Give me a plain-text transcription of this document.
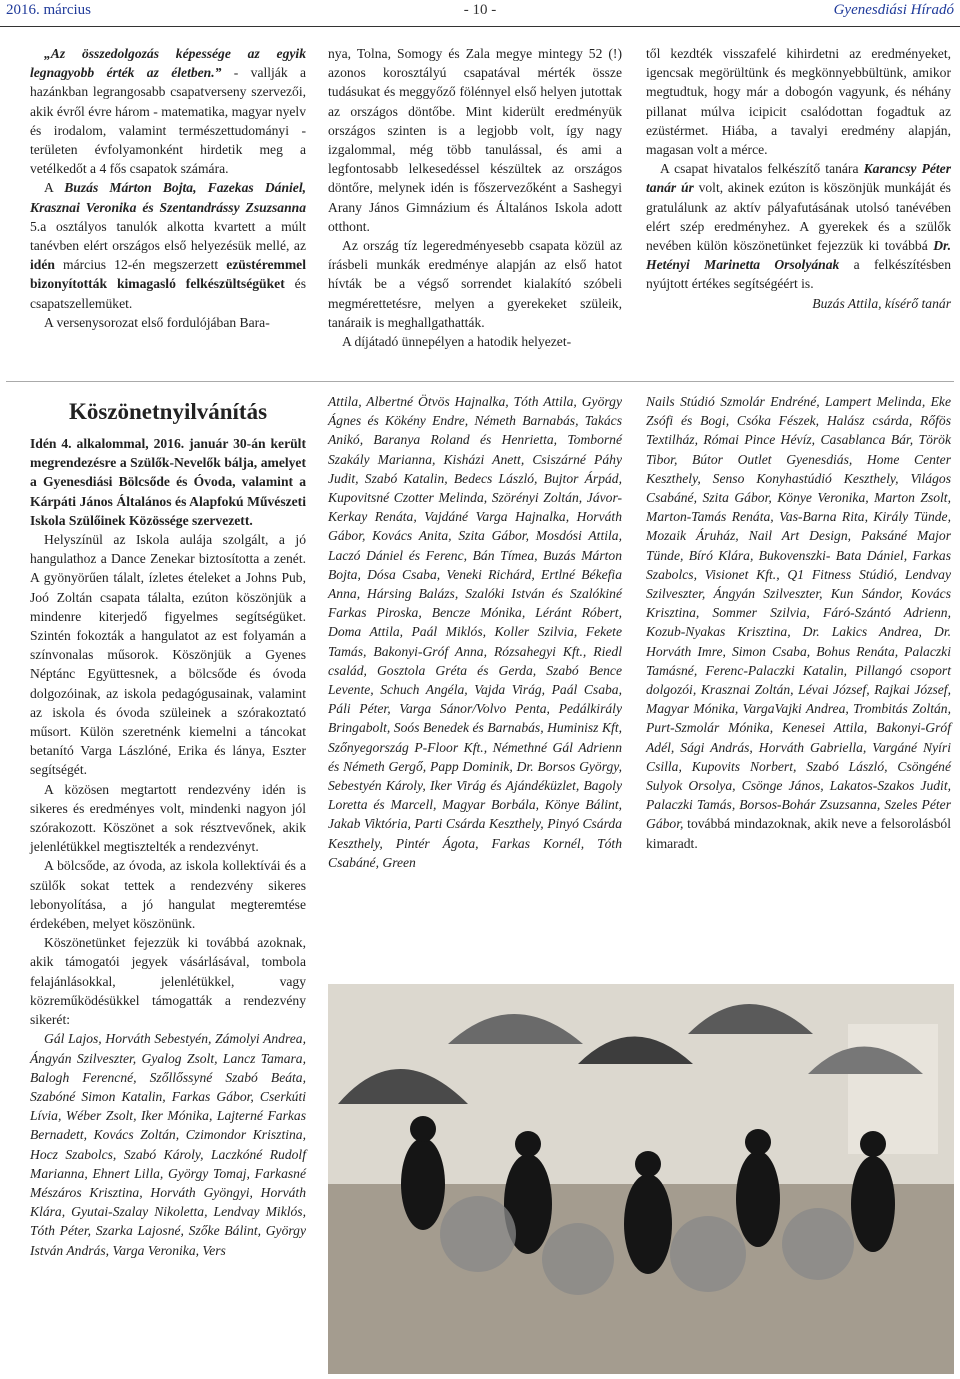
2016. március	- 10 -	Gyenesdiási Híradó

„Az összedolgozás képessége az egyik legnagyobb érték az életben.” - vallják a hazánkban legrangosabb csapatverseny szervezői, akik évről évre három - matematika, magyar nyelv és irodalom, valamint természettudományi - területen évfolyamonként hirdetik meg a vetélkedőt a 4 fős csapatok számára.

A Buzás Márton Bojta, Fazekas Dániel, Krasznai Veronika és Szentandrássy Zsuzsanna 5.a osztályos tanulók alkotta kvartett a múlt tanévben elért országos első helyezésük mellé, az idén március 12-én megszerzett ezüstéremmel bizonyították kimagasló felkészültségüket és csapatszellemüket.

A versenysorozat első fordulójában Bara-

nya, Tolna, Somogy és Zala megye mintegy 52 (!) azonos korosztályú csapatával mérték össze tudásukat és meggyőző fölénnyel első helyen jutottak az országos döntőbe. Mint kiderült eredményük országos szinten is a legjobb volt, így nagy izgalommal, még több tanulással, és ami a legfontosabb lelkesedéssel készültek az országos döntőre, melynek idén is főszervezőként a Sashegyi Arany János Gimnázium és Általános Iskola adott otthont.

Az ország tíz legeredményesebb csapata közül az írásbeli munkák eredménye alapján az első hatot hívták be a végső sorrendet kialakító szóbeli megmérettetésre, melyen a gyerekeket szüleik, tanáraik is meghallgathatták.

A díjátadó ünnepélyen a hatodik helyezet-

től kezdték visszafelé kihirdetni az eredményeket, igencsak megörültünk és megkönnyebbültünk, amikor megtudtuk, hogy már a dobogón vagyunk, és néhány pillanat múlva icipicit csalódottan fogadtuk az ezüstérmet. Hiába, a tavalyi eredmény alapján, magasan volt a mérce.

A csapat hivatalos felkészítő tanára Karancsy Péter tanár úr volt, akinek ezúton is köszönjük munkáját és gratulálunk az aktív pályafutásának utolsó tanévében elért szép eredményhez. A gyerekek és a szülők nevében külön köszönetünket fejezzük ki továbbá Dr. Hetényi Marinetta Orsolyának a felkészítésben nyújtott értékes segítségéért is.

Buzás Attila, kísérő tanár

Köszönetnyilvánítás

Idén 4. alkalommal, 2016. január 30-án került megrendezésre a Szülők-Nevelők bálja, amelyet a Gyenesdiási Bölcsőde és Óvoda, valamint a Kárpáti János Általános és Alapfokú Művészeti Iskola Szülőinek Közössége szervezett.

Helyszínül az Iskola aulája szolgált, a jó hangulathoz a Dance Zenekar biztosította a zenét. A gyönyörűen tálalt, ízletes ételeket a Johns Pub, Joó Zoltán csapata tálalta, ezúton köszönjük a mindenre kiterjedő figyelmes segítségüket. Szintén fokozták a hangulatot az est folyamán a színvonalas műsorok. Köszönjük a Gyenes Néptánc Együttesnek, a bölcsőde és óvoda dolgozóinak, az iskola pedagógusainak, valamint az iskola és óvoda szüleinek a szórakoztató műsort. Külön szeretnénk kiemelni a táncokat betanító Varga Lászlóné, Erika és lánya, Eszter segítségét.

A közösen megtartott rendezvény idén is sikeres és eredményes volt, mindenki nagyon jól szórakozott. Köszönet a sok résztvevőnek, akik jelenlétükkel megtisztelték a rendezvényt.

A bölcsőde, az óvoda, az iskola kollektívái és a szülők sokat tettek a rendezvény sikeres lebonyolítása, a jó hangulat megteremtése érdekében, melyet köszönünk.

Köszönetünket fejezzük ki továbbá azoknak, akik támogatói jegyek vásárlásával, tombola felajánlásokkal, jelenlétükkel, vagy közreműködésükkel támogatták a rendezvény sikerét:

Gál Lajos, Horváth Sebestyén, Zámolyi Andrea, Ángyán Szilveszter, Gyalog Zsolt, Lancz Tamara, Balogh Ferencné, Szőllőssyné Szabó Beáta, Szabóné Simon Katalin, Farkas Gábor, Cserkúti Lívia, Wéber Zsolt, Iker Mónika, Lajterné Farkas Bernadett, Kovács Zoltán, Czimondor Krisztina, Hocz Szabolcs, Szabó Károly, Laczkóné Rudolf Marianna, Ehnert Lilla, György Tomaj, Farkasné Mészáros Krisztina, Horváth Gyöngyi, Horváth Klára, Gyutai-Szalay Nikoletta, Lendvay Miklós, Tóth Péter, Szarka Lajosné, Szőke Bálint, György István András, Varga Veronika, Vers

Attila, Albertné Ötvös Hajnalka, Tóth Attila, György Ágnes és Kökény Endre, Németh Barnabás, Takács Anikó, Baranya Roland és Henrietta, Tomborné Szakály Marianna, Kisházi Anett, Csiszárné Páhy Judit, Szabó Katalin, Bedecs László, Bujtor Árpád, Kupovitsné Czotter Melinda, Szörényi Zoltán, Jávor-Kerkay Renáta, Vajdáné Varga Hajnalka, Horváth Gábor, Kovács Anita, Szita Gábor, Mosdósi Attila, Laczó Dániel és Ferenc, Bán Tímea, Buzás Márton Bojta, Dósa Csaba, Veneki Richárd, Ertlné Békefia Anna, Hársing Balázs, Szalóki István és Szalókiné Farkas Piroska, Bencze Mónika, Léránt Róbert, Doma Attila, Paál Miklós, Koller Szilvia, Fekete Tamás, Bakonyi-Gróf Anna, Rózsahegyi Kft., Riedl család, Gosztola Gréta és Gerda, Szabó Bence Levente, Schuch Angéla, Vajda Virág, Paál Csaba, Páli Péter, Varga Sánor/Volvo Penta, Pedálkirály Bringabolt, Soós Benedek és Barnabás, Huminisz Kft, Szőnyegország P-Floor Kft., Némethné Gál Adrienn és Németh Gergő, Papp Dominik, Dr. Borsos György, Sebestyén Károly, Iker Virág és Ajándéküzlet, Bagoly Loretta és Marcell, Magyar Borbála, Könye Bálint, Jakab Viktória, Parti Csárda Keszthely, Pinyó Csárda Keszthely, Pintér Ágota, Farkas Kornél, Tóth Csabáné, Green

Nails Stúdió Szmolár Endréné, Lampert Melinda, Eke Zsófi és Bogi, Csóka Fészek, Halász csárda, Rőfös Textilház, Római Pince Hévíz, Casablanca Bár, Török Tibor, Bútor Outlet Gyenesdiás, Home Center Keszthely, Senso Konyhastúdió Keszthely, Világos Csabáné, Szita Gábor, Könye Veronika, Marton Zsolt, Marton-Tamás Renáta, Vas-Barna Rita, Király Tünde, Mozaik Áruház, Nail Art Design, Paksáné Major Tünde, Bíró Klára, Bukovenszki- Bata Dániel, Farkas Szabolcs, Visionet Kft., Q1 Fitness Stúdió, Lendvay Szilveszter, Ángyán Szilveszter, Kun Sándor, Kovács Krisztina, Sommer Szilvia, Fáró-Szántó Adrienn, Kozub-Nyakas Krisztina, Dr. Lakics Andrea, Dr. Horváth Imre, Simon Csaba, Bohus Renáta, Palaczki Tamásné, Ferenc-Palaczki Katalin, Pillangó csoport dolgozói, Krasznai Zoltán, Lévai József, Rajkai József, Magyar Mónika, VargaVajki Andrea, Trombitás Zoltán, Purt-Szmolár Mónika, Kenesei Attila, Bakonyi-Gróf Adél, Sági András, Horváth Gabriella, Vargáné Nyíri Csilla, Kupovits Norbert, Szabó László, Csöngéné Sulyok Orsolya, Csönge János, Lakatos-Szakos Judit, Palaczki Tamás, Borsos-Bohár Zsuzsanna, Szeles Péter Gábor, továbbá mindazoknak, akik neve a felsorolásból kimaradt.
